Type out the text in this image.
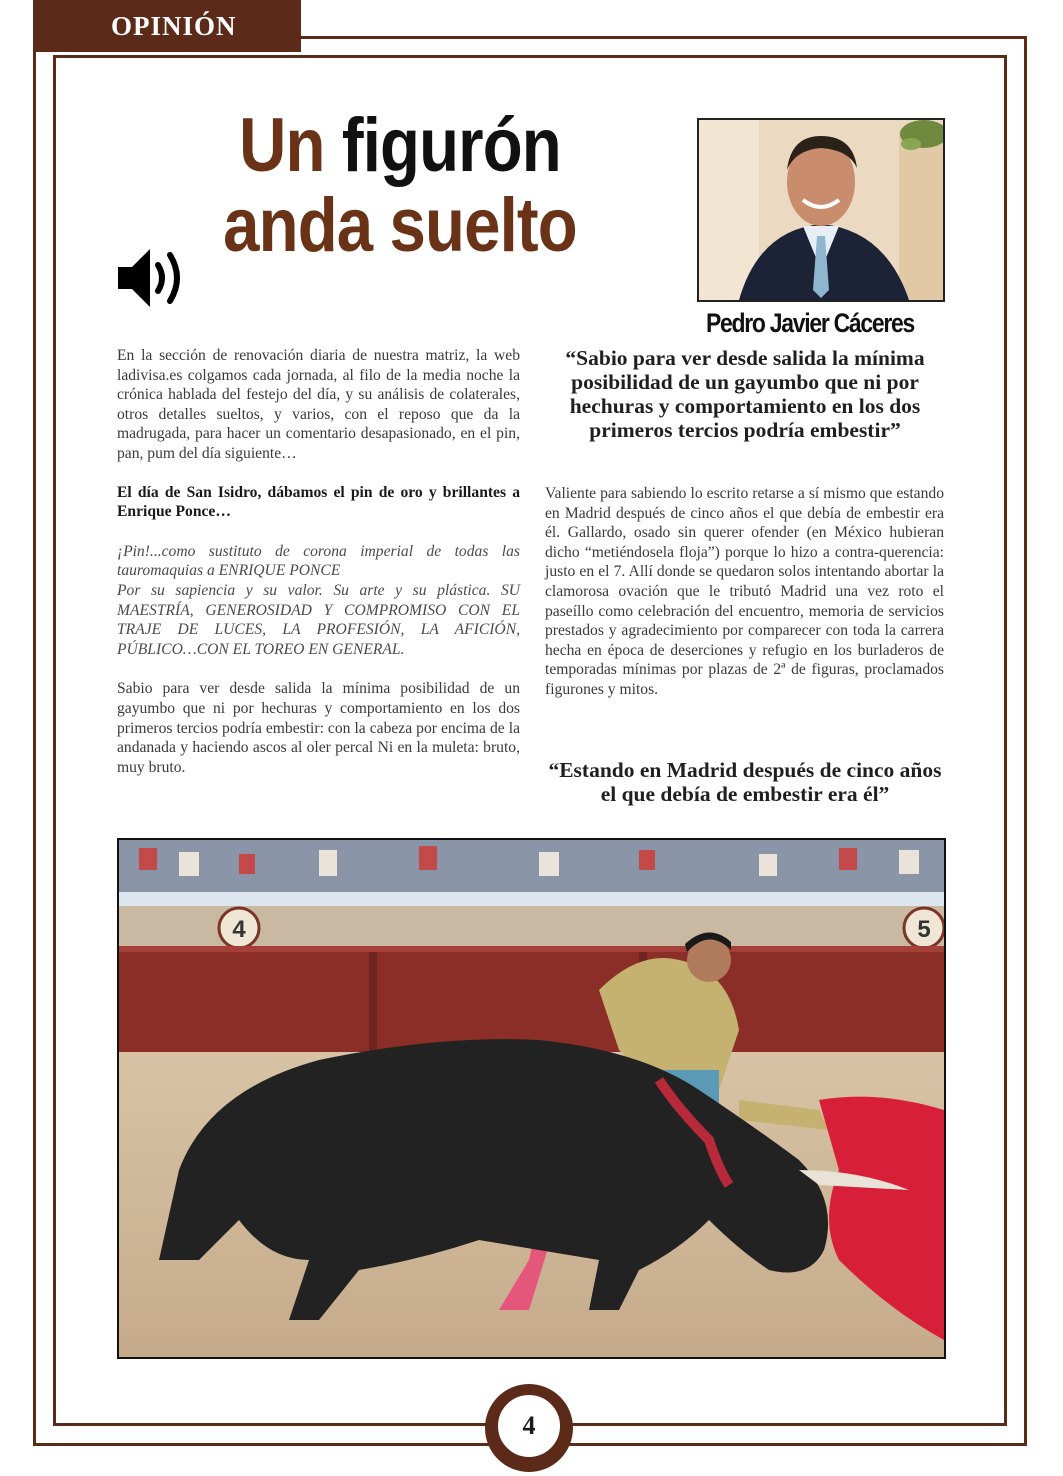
OPINIÓN
Un figurón
anda suelto
Pedro Javier Cáceres

En la sección de renovación diaria de nuestra matriz, la web ladivisa.es colgamos cada jornada, al filo de la media noche la crónica hablada del festejo del día, y su análisis de colaterales, otros detalles sueltos, y varios, con el reposo que da la madrugada, para hacer un comentario desapasionado, en el pin, pan, pum del día siguiente…

El día de San Isidro, dábamos el pin de oro y brillantes a Enrique Ponce…

¡Pin!...como sustituto de corona imperial de todas las tauromaquias a ENRIQUE PONCE

Por su sapiencia y su valor. Su arte y su plástica. SU MAESTRÍA, GENEROSIDAD Y COMPROMISO CON EL TRAJE DE LUCES, LA PROFESIÓN, LA AFICIÓN, PÚBLICO…CON EL TOREO EN GENERAL.

Sabio para ver desde salida la mínima posibilidad de un gayumbo que ni por hechuras y comportamiento en los dos primeros tercios podría embestir: con la cabeza por encima de la andanada y haciendo ascos al oler percal Ni en la muleta: bruto, muy bruto.

“Sabio para ver desde salida la mínima posibilidad de un gayumbo que ni por hechuras y comportamiento en los dos primeros tercios podría embestir”

Valiente para sabiendo lo escrito retarse a sí mismo que estando en Madrid después de cinco años el que debía de embestir era él. Gallardo, osado sin querer ofender (en México hubieran dicho “metiéndosela floja”) porque lo hizo a contra-querencia: justo en el 7. Allí donde se quedaron solos intentando abortar la clamorosa ovación que le tributó Madrid una vez roto el paseíllo como celebración del encuentro, memoria de servicios prestados y agradecimiento por comparecer con toda la carrera hecha en época de deserciones y refugio en los burladeros de temporadas mínimas por plazas de 2ª de figuras, proclamados figurones y mitos.

“Estando en Madrid después de cinco años el que debía de embestir era él”
4	5
4
